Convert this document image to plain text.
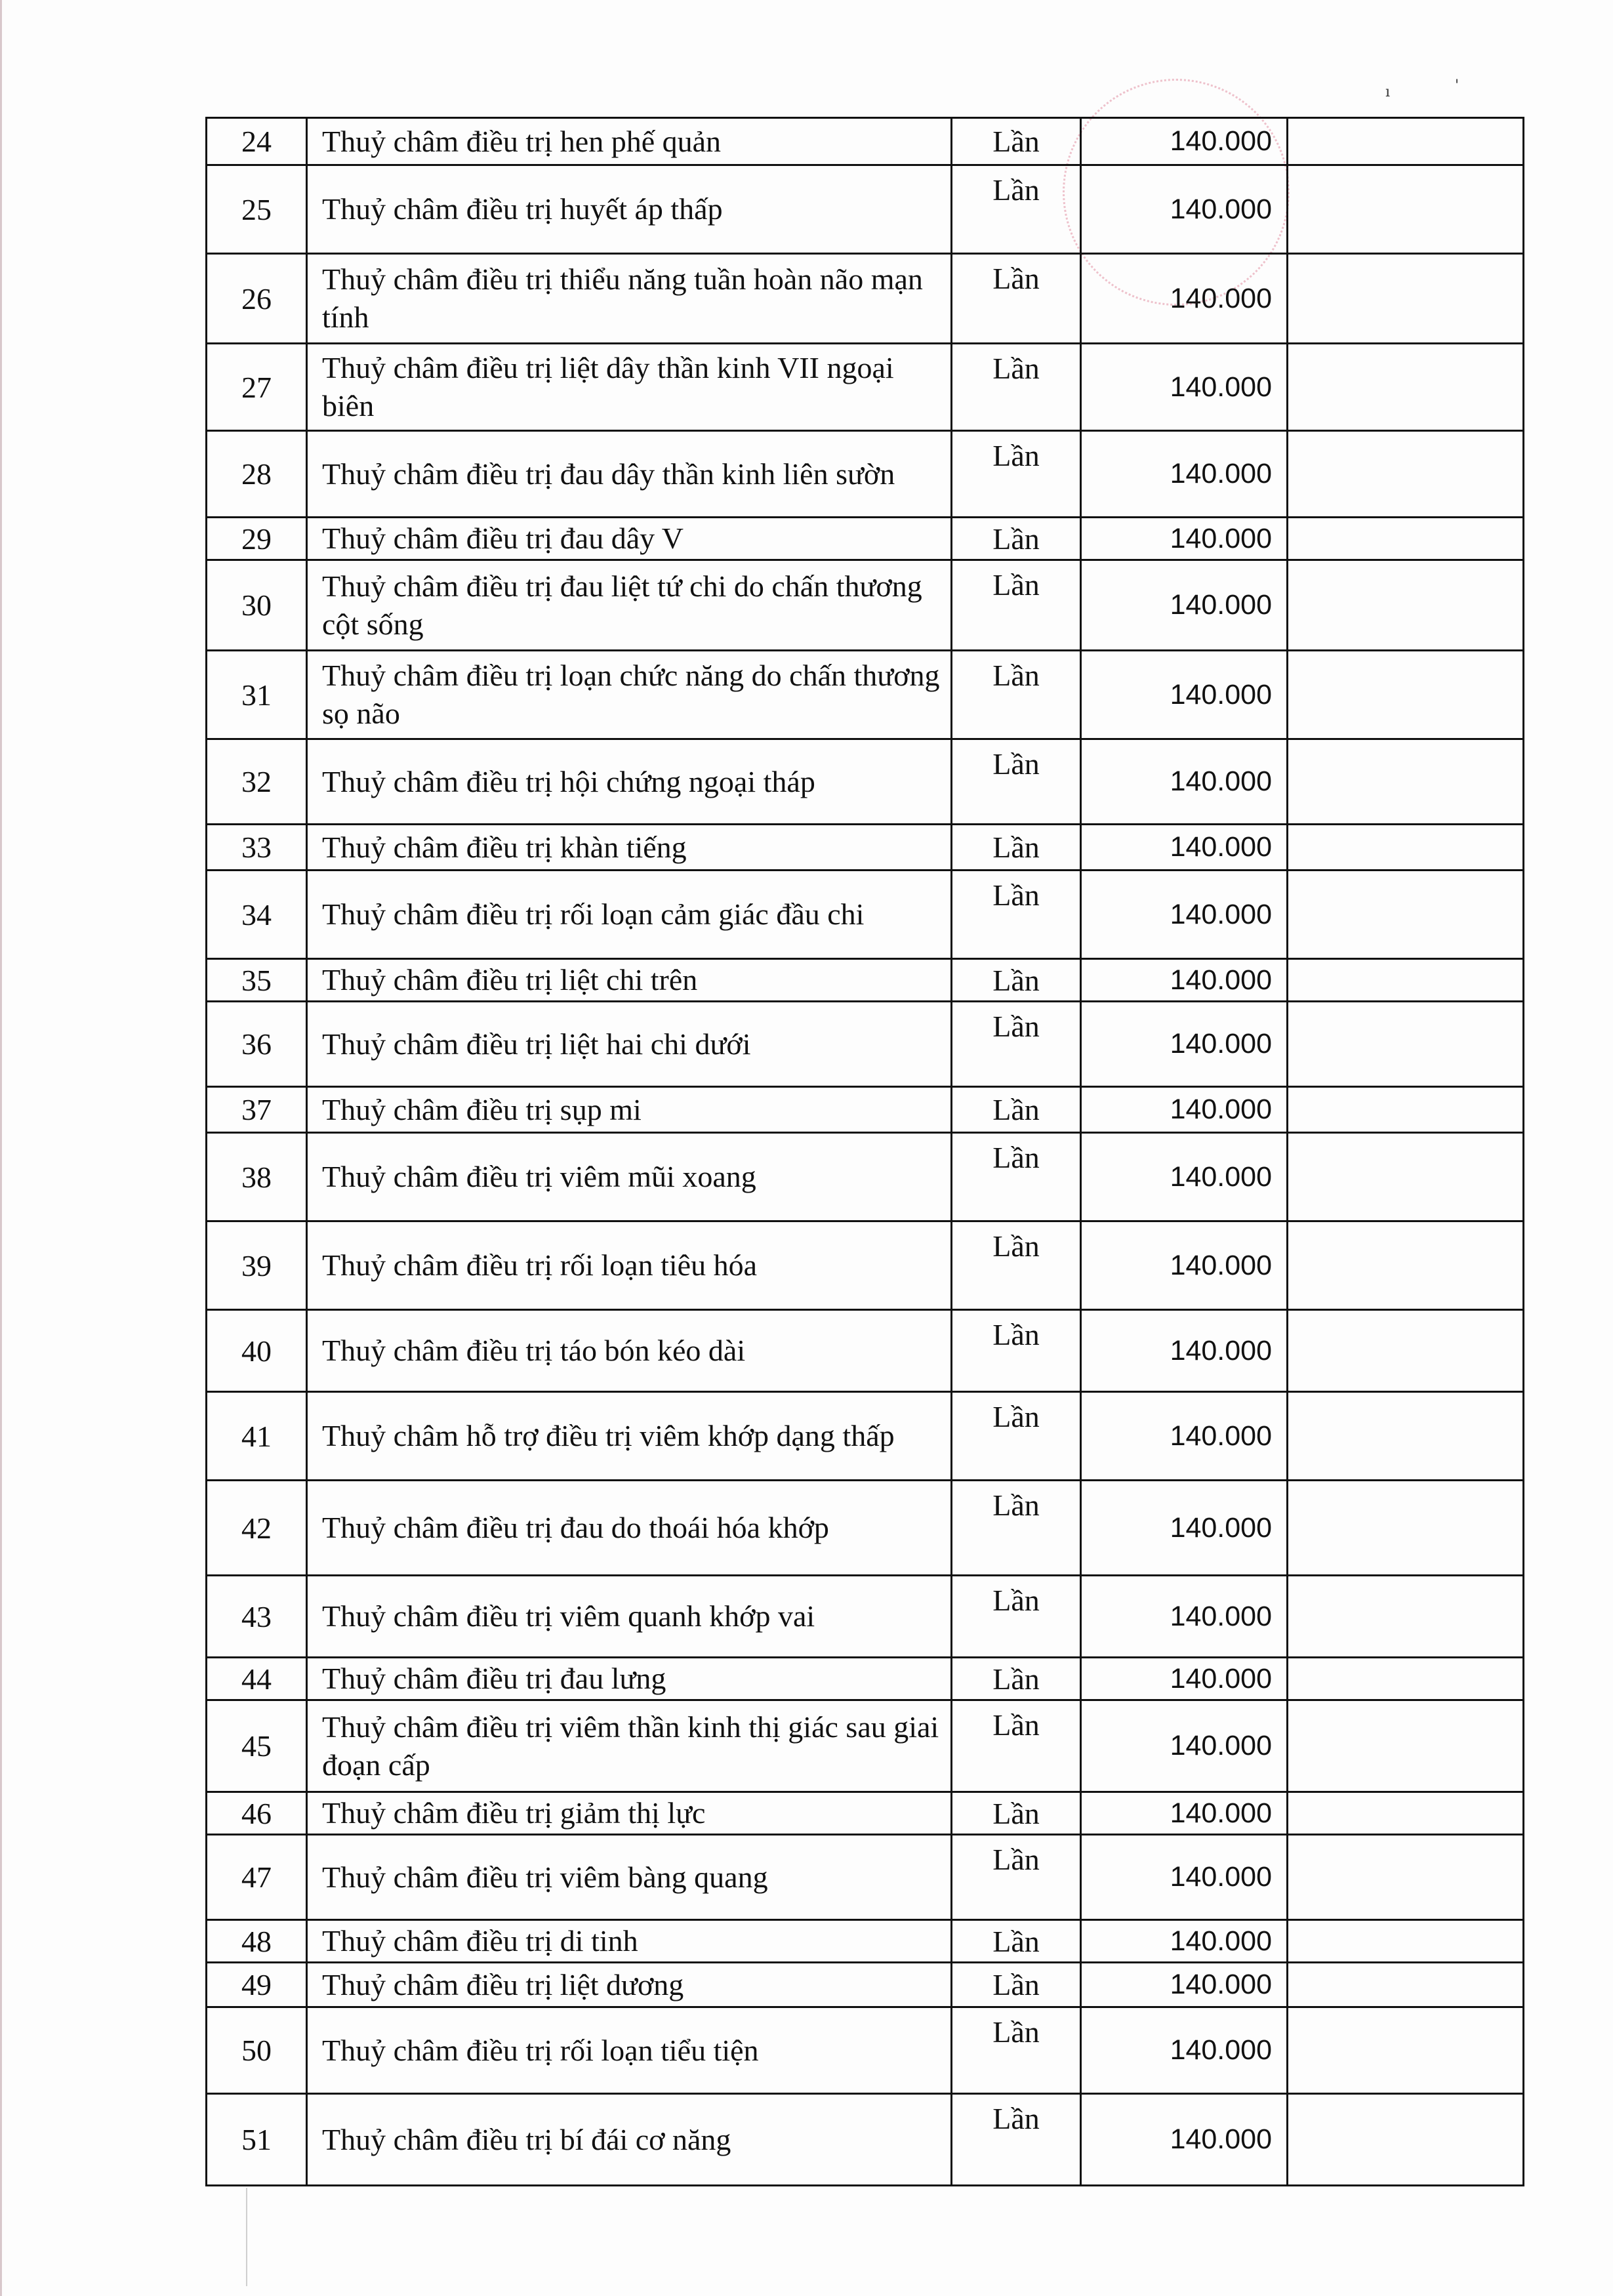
ı	'
24	Thuỷ châm điều trị hen phế quản	Lần	140.000	
25	Thuỷ châm điều trị huyết áp thấp	Lần	140.000	
26	Thuỷ châm điều trị thiểu năng tuần hoàn não mạn tính	Lần	140.000	
27	Thuỷ châm điều trị liệt dây thần kinh VII ngoại biên	Lần	140.000	
28	Thuỷ châm điều trị đau dây thần kinh liên sườn	Lần	140.000	
29	Thuỷ châm điều trị đau dây V	Lần	140.000	
30	Thuỷ châm điều trị đau liệt tứ chi do chấn thương cột sống	Lần	140.000	
31	Thuỷ châm điều trị loạn chức năng do chấn thương sọ não	Lần	140.000	
32	Thuỷ châm điều trị hội chứng ngoại tháp	Lần	140.000	
33	Thuỷ châm điều trị khàn tiếng	Lần	140.000	
34	Thuỷ châm điều trị rối loạn cảm giác đầu chi	Lần	140.000	
35	Thuỷ châm điều trị liệt chi trên	Lần	140.000	
36	Thuỷ châm điều trị liệt hai chi dưới	Lần	140.000	
37	Thuỷ châm điều trị sụp mi	Lần	140.000	
38	Thuỷ châm điều trị viêm mũi xoang	Lần	140.000	
39	Thuỷ châm điều trị rối loạn tiêu hóa	Lần	140.000	
40	Thuỷ châm điều trị táo bón kéo dài	Lần	140.000	
41	Thuỷ châm hỗ trợ điều trị viêm khớp dạng thấp	Lần	140.000	
42	Thuỷ châm điều trị đau do thoái hóa khớp	Lần	140.000	
43	Thuỷ châm điều trị viêm quanh khớp vai	Lần	140.000	
44	Thuỷ châm điều trị đau lưng	Lần	140.000	
45	Thuỷ châm điều trị viêm thần kinh thị giác sau giai đoạn cấp	Lần	140.000	
46	Thuỷ châm điều trị giảm thị lực	Lần	140.000	
47	Thuỷ châm điều trị viêm bàng quang	Lần	140.000	
48	Thuỷ châm điều trị di tinh	Lần	140.000	
49	Thuỷ châm điều trị liệt dương	Lần	140.000	
50	Thuỷ châm điều trị rối loạn tiểu tiện	Lần	140.000	
51	Thuỷ châm điều trị bí đái cơ năng	Lần	140.000	
